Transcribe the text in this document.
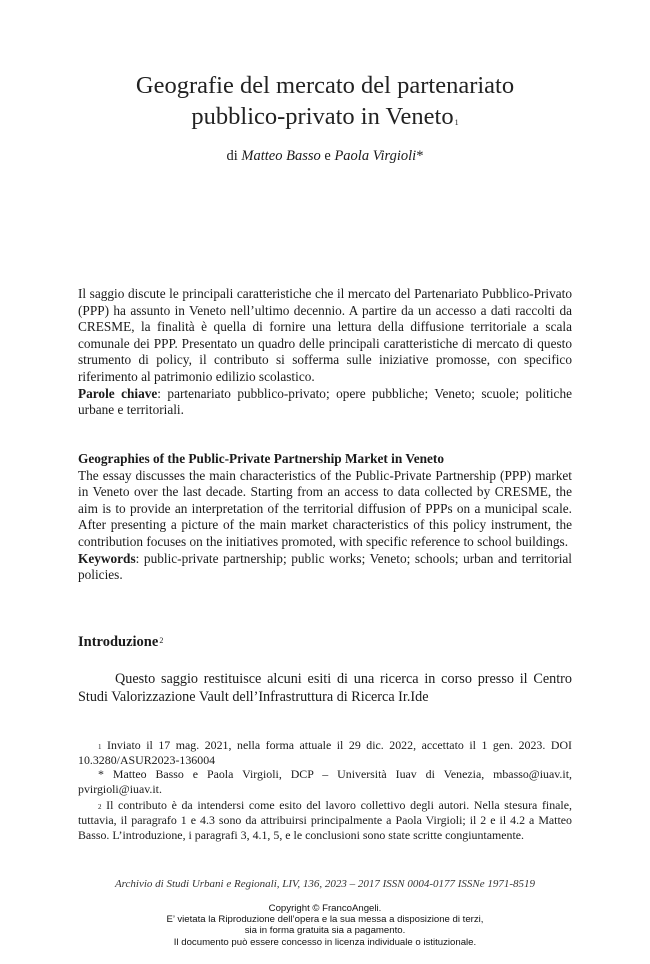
Geografie del mercato del partenariato
pubblico-privato in Veneto$^1$
di Matteo Basso e Paola Virgioli*
Il saggio discute le principali caratteristiche che il mercato del Partenariato Pubblico-Privato (PPP) ha assunto in Veneto nell’ultimo decennio. A partire da un accesso a dati raccolti da CRESME, la finalità è quella di fornire una lettura della diffusione territoriale a scala comunale dei PPP. Presentato un quadro delle principali caratteristiche di mercato di questo strumento di policy, il contributo si sofferma sulle iniziative promosse, con specifico riferimento al patrimonio edilizio scolastico.
Parole chiave: partenariato pubblico-privato; opere pubbliche; Veneto; scuole; politiche urbane e territoriali.
Geographies of the Public-Private Partnership Market in Veneto
The essay discusses the main characteristics of the Public-Private Partnership (PPP) market in Veneto over the last decade. Starting from an access to data collected by CRESME, the aim is to provide an interpretation of the territorial diffusion of PPPs on a municipal scale. After presenting a picture of the main market characteristics of this policy instrument, the contribution focuses on the initiatives promoted, with specific reference to school buildings.
Keywords: public-private partnership; public works; Veneto; schools; urban and territorial policies.
Introduzione$^2$
Questo saggio restituisce alcuni esiti di una ricerca in corso presso il Centro Studi Valorizzazione Vault dell’Infrastruttura di Ricerca Ir.Ide
$^1$ Inviato il 17 mag. 2021, nella forma attuale il 29 dic. 2022, accettato il 1 gen. 2023. DOI 10.3280/ASUR2023-136004
* Matteo Basso e Paola Virgioli, DCP – Università Iuav di Venezia, mbasso@iuav.it, pvirgioli@iuav.it.
$^2$ Il contributo è da intendersi come esito del lavoro collettivo degli autori. Nella stesura finale, tuttavia, il paragrafo 1 e 4.3 sono da attribuirsi principalmente a Paola Virgioli; il 2 e il 4.2 a Matteo Basso. L’introduzione, i paragrafi 3, 4.1, 5, e le conclusioni sono state scritte congiuntamente.
Archivio di Studi Urbani e Regionali, LIV, 136, 2023 – 2017 ISSN 0004-0177 ISSNe 1971-8519
Copyright © FrancoAngeli.
E’ vietata la Riproduzione dell’opera e la sua messa a disposizione di terzi,
sia in forma gratuita sia a pagamento.
Il documento può essere concesso in licenza individuale o istituzionale.
